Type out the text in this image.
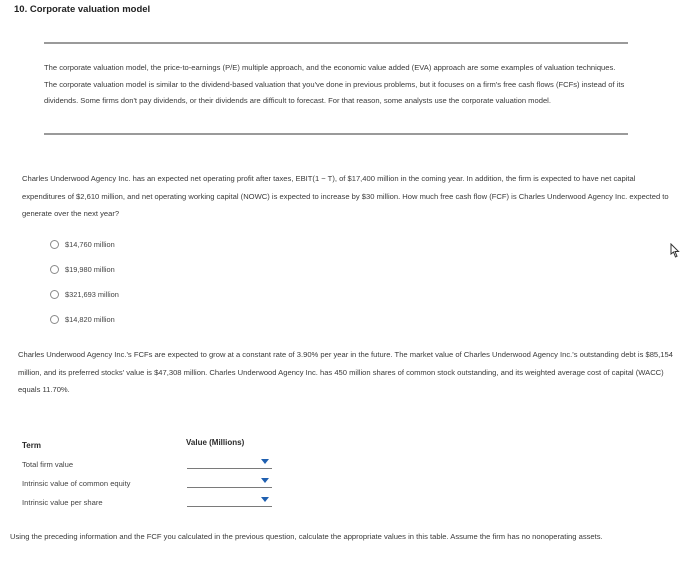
10. Corporate valuation model
The corporate valuation model, the price-to-earnings (P/E) multiple approach, and the economic value added (EVA) approach are some examples of valuation techniques. The corporate valuation model is similar to the dividend-based valuation that you've done in previous problems, but it focuses on a firm's free cash flows (FCFs) instead of its dividends. Some firms don't pay dividends, or their dividends are difficult to forecast. For that reason, some analysts use the corporate valuation model.
Charles Underwood Agency Inc. has an expected net operating profit after taxes, EBIT(1 − T), of $17,400 million in the coming year. In addition, the firm is expected to have net capital expenditures of $2,610 million, and net operating working capital (NOWC) is expected to increase by $30 million. How much free cash flow (FCF) is Charles Underwood Agency Inc. expected to generate over the next year?
$14,760 million
$19,980 million
$321,693 million
$14,820 million
Charles Underwood Agency Inc.'s FCFs are expected to grow at a constant rate of 3.90% per year in the future. The market value of Charles Underwood Agency Inc.'s outstanding debt is $85,154 million, and its preferred stocks' value is $47,308 million. Charles Underwood Agency Inc. has 450 million shares of common stock outstanding, and its weighted average cost of capital (WACC) equals 11.70%.
Term	Value (Millions)
Total firm value
Intrinsic value of common equity
Intrinsic value per share
Using the preceding information and the FCF you calculated in the previous question, calculate the appropriate values in this table. Assume the firm has no nonoperating assets.
